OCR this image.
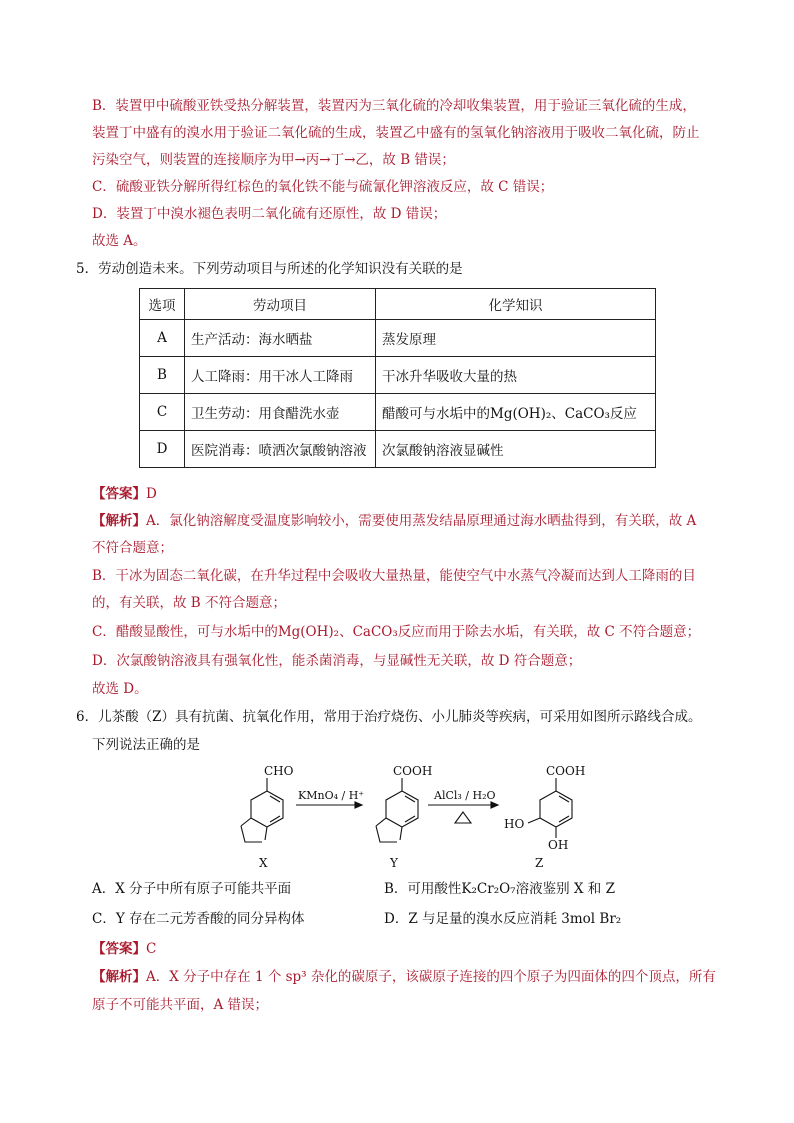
B．装置甲中硫酸亚铁受热分解装置，装置丙为三氧化硫的冷却收集装置，用于验证三氧化硫的生成，
装置丁中盛有的溴水用于验证二氧化硫的生成，装置乙中盛有的氢氧化钠溶液用于吸收二氧化硫，防止
污染空气，则装置的连接顺序为甲→丙→丁→乙，故 B 错误；
C．硫酸亚铁分解所得红棕色的氧化铁不能与硫氰化钾溶液反应，故 C 错误；
D．装置丁中溴水褪色表明二氧化硫有还原性，故 D 错误；
故选 A。
5．劳动创造未来。下列劳动项目与所述的化学知识没有关联的是
选项	劳动项目	化学知识
A	生产活动：海水晒盐	蒸发原理
B	人工降雨：用干冰人工降雨	干冰升华吸收大量的热
C	卫生劳动：用食醋洗水壶	醋酸可与水垢中的Mg(OH)₂、CaCO₃反应
D	医院消毒：喷洒次氯酸钠溶液	次氯酸钠溶液显碱性
【答案】D
【解析】A．氯化钠溶解度受温度影响较小，需要使用蒸发结晶原理通过海水晒盐得到，有关联，故 A
不符合题意；
B．干冰为固态二氧化碳，在升华过程中会吸收大量热量，能使空气中水蒸气冷凝而达到人工降雨的目
的，有关联，故 B 不符合题意；
C．醋酸显酸性，可与水垢中的Mg(OH)₂、CaCO₃反应而用于除去水垢，有关联，故 C 不符合题意；
D．次氯酸钠溶液具有强氧化性，能杀菌消毒，与显碱性无关联，故 D 符合题意；
故选 D。
6．儿茶酸（Z）具有抗菌、抗氧化作用，常用于治疗烧伤、小儿肺炎等疾病，可采用如图所示路线合成。
下列说法正确的是
CHO	COOH	COOH
HO
OH
KMnO₄ / H⁺	AlCl₃ / H₂O
X	Y	Z
A．X 分子中所有原子可能共平面	B．可用酸性K₂Cr₂O₇溶液鉴别 X 和 Z
C．Y 存在二元芳香酸的同分异构体	D．Z 与足量的溴水反应消耗 3mol Br₂
【答案】C
【解析】A．X 分子中存在 1 个 sp³ 杂化的碳原子，该碳原子连接的四个原子为四面体的四个顶点，所有
原子不可能共平面，A 错误；
